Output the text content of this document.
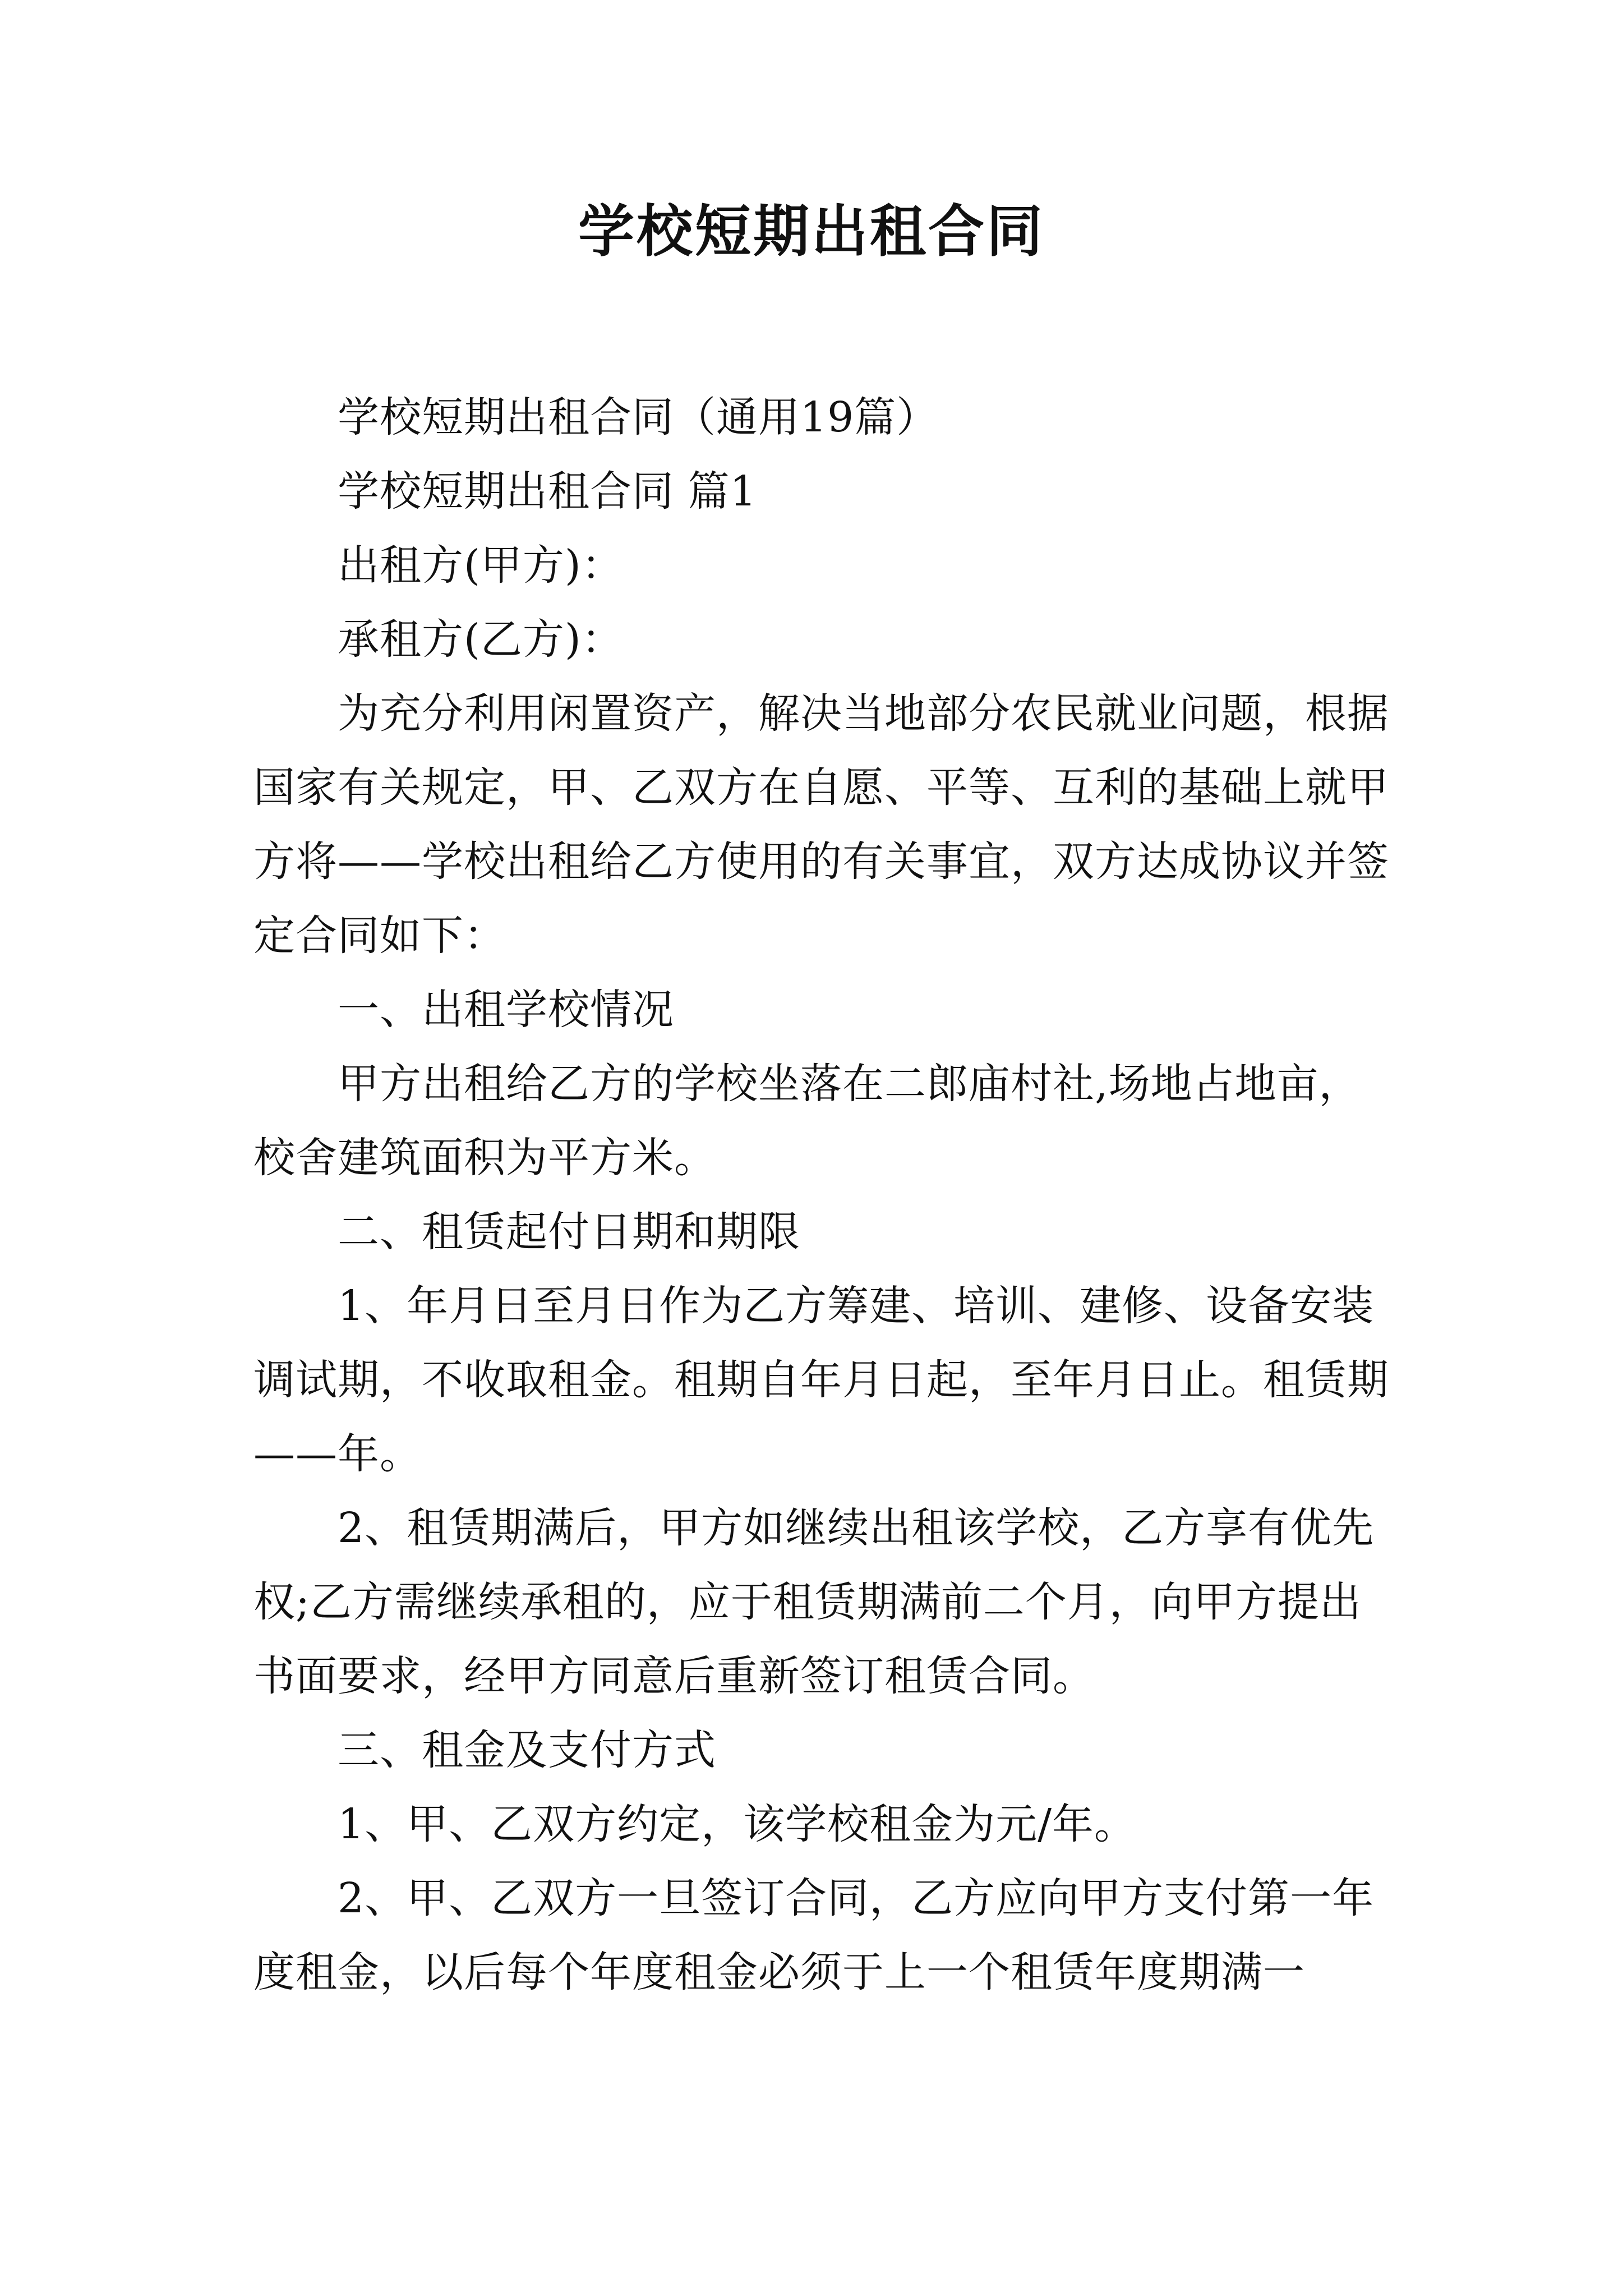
学校短期出租合同

学校短期出租合同（通用19篇）

学校短期出租合同 篇1

出租方(甲方)：

承租方(乙方)：

为充分利用闲置资产，解决当地部分农民就业问题，根据国家有关规定，甲、乙双方在自愿、平等、互利的基础上就甲方将——学校出租给乙方使用的有关事宜，双方达成协议并签定合同如下：

一、出租学校情况

甲方出租给乙方的学校坐落在二郎庙村社,场地占地亩，校舍建筑面积为平方米。

二、租赁起付日期和期限

1、年月日至月日作为乙方筹建、培训、建修、设备安装调试期，不收取租金。租期自年月日起，至年月日止。租赁期——年。

2、租赁期满后，甲方如继续出租该学校，乙方享有优先权;乙方需继续承租的，应于租赁期满前二个月，向甲方提出书面要求，经甲方同意后重新签订租赁合同。

三、租金及支付方式

1、甲、乙双方约定，该学校租金为元/年。

2、甲、乙双方一旦签订合同，乙方应向甲方支付第一年度租金，以后每个年度租金必须于上一个租赁年度期满一
